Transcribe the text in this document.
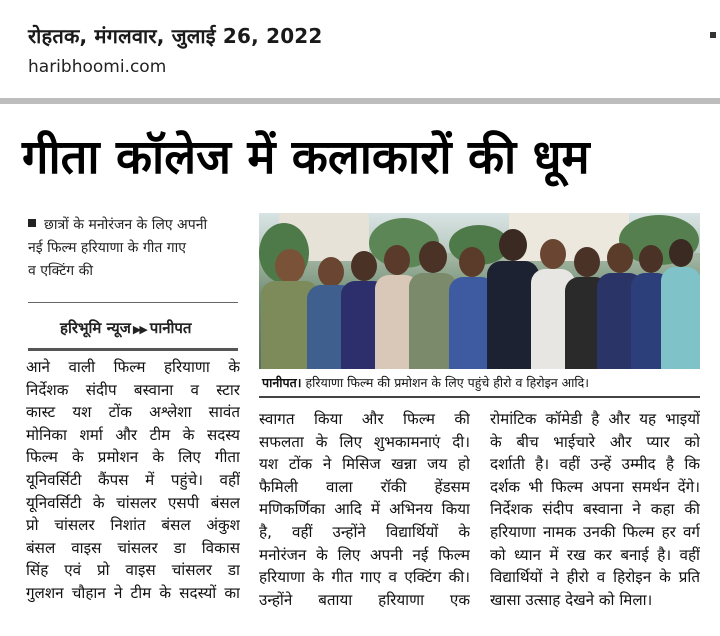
रोहतक, मंगलवार, जुलाई 26, 2022
haribhoomi.com
गीता कॉलेज में कलाकारों की धूम
छात्रों के मनोरंजन के लिए अपनी
नई फिल्म हरियाणा के गीत गाए
व एक्टिंग की
हरिभूमि न्यूज ▶▶ पानीपत
पानीपत। हरियाणा फिल्म की प्रमोशन के लिए पहुंचे हीरो व हिरोइन आदि।
आने वाली फिल्म हरियाणा के
निर्देशक संदीप बस्वाना व स्टार
कास्ट यश टोंक अश्लेशा सावंत
मोनिका शर्मा और टीम के सदस्य
फिल्म के प्रमोशन के लिए गीता
यूनिवर्सिटी कैंपस में पहुंचे। वहीं
यूनिवर्सिटी के चांसलर एसपी बंसल
प्रो चांसलर निशांत बंसल अंकुश
बंसल वाइस चांसलर डा विकास
सिंह एवं प्रो वाइस चांसलर डा
गुलशन चौहान ने टीम के सदस्यों का
स्वागत किया और फिल्म की
सफलता के लिए शुभकामनाएं दी।
यश टोंक ने मिसिज खन्ना जय हो
फैमिली वाला रॉकी हेंडसम
मणिकर्णिका आदि में अभिनय किया
है, वहीं उन्होंने विद्यार्थियों के
मनोरंजन के लिए अपनी नई फिल्म
हरियाणा के गीत गाए व एक्टिंग की।
उन्होंने बताया हरियाणा एक
रोमांटिक कॉमेडी है और यह भाइयों
के बीच भाईचारे और प्यार को
दर्शाती है। वहीं उन्हें उम्मीद है कि
दर्शक भी फिल्म अपना समर्थन देंगे।
निर्देशक संदीप बस्वाना ने कहा की
हरियाणा नामक उनकी फिल्म हर वर्ग
को ध्यान में रख कर बनाई है। वहीं
विद्यार्थियों ने हीरो व हिरोइन के प्रति
खासा उत्साह देखने को मिला।
